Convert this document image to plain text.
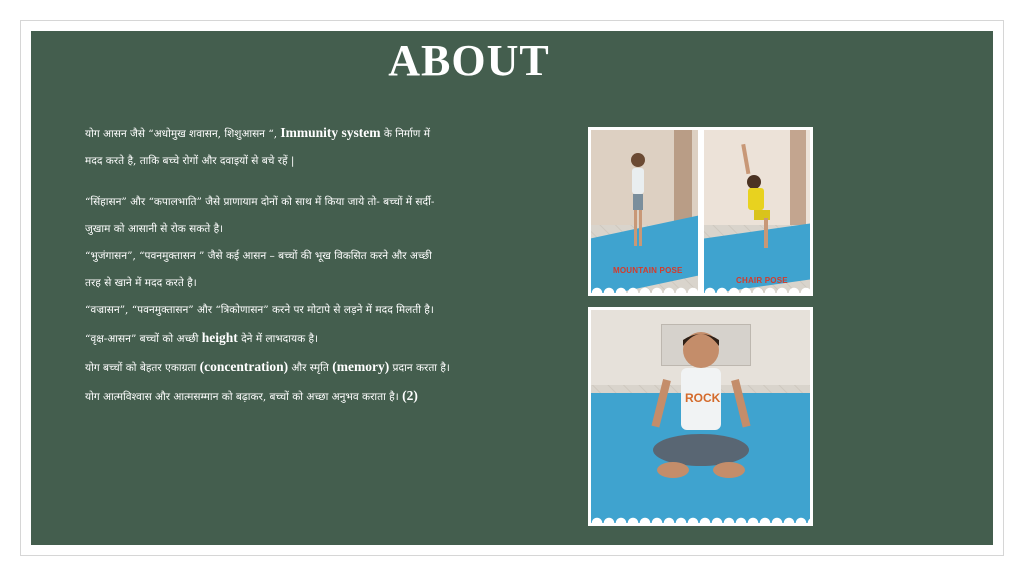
ABOUT

योग आसन जैसे “अधोमुख शवासन, शिशुआसन “, Immunity system के निर्माण में

मदद करते है, ताकि बच्चे रोगों और दवाइयों से बचे रहें |

“सिंहासन” और “कपालभाति” जैसे प्राणायाम दोनों को साथ में किया जाये तो- बच्चों में सर्दी-

जुखाम को आसानी से रोक सकते है।

“भुजंगासन”, “पवनमुक्तासन ” जैसे कई आसन – बच्चों की भूख विकसित करने और अच्छी

तरह से खाने में मदद करते है।

“वज्रासन”, “पवनमुक्तासन” और “त्रिकोणासन” करने पर मोटापे से लड़ने में मदद मिलती है।

“वृक्ष-आसन” बच्चों को अच्छी height देने में लाभदायक है।

योग बच्चों को बेहतर एकाग्रता (concentration) और स्मृति (memory) प्रदान करता है।

योग आत्मविश्वास और आत्मसम्मान को बढ़ाकर, बच्चों को अच्छा अनुभव कराता है। (2)

MOUNTAIN POSE
CHAIR POSE
ROCK
